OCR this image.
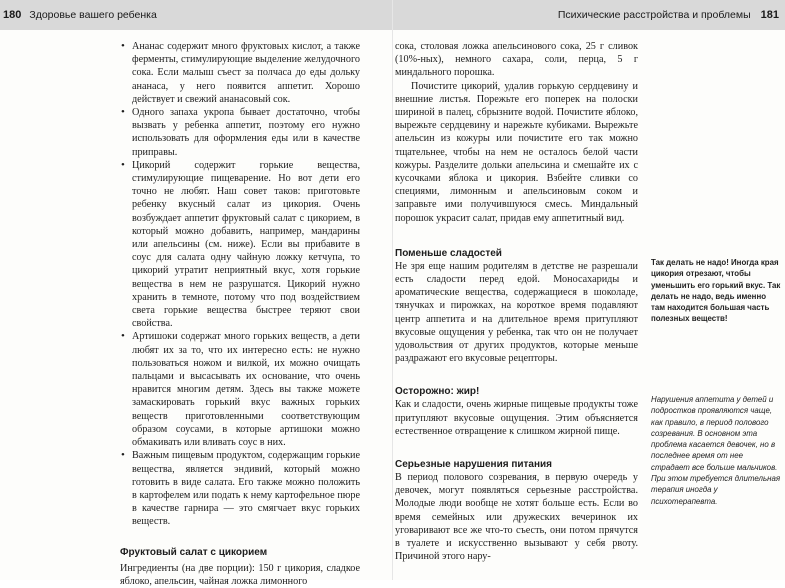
180 Здоровье вашего ребенка	Психические расстройства и проблемы 181
• Ананас содержит много фруктовых кислот, а также ферменты, стимулирующие выделение желудочного сока. Если малыш съест за полчаса до еды дольку ананаса, у него появится аппетит. Хорошо действует и свежий ананасовый сок.
• Одного запаха укропа бывает достаточно, чтобы вызвать у ребенка аппетит, поэтому его нужно использовать для оформления еды или в качестве приправы.
• Цикорий содержит горькие вещества, стимулирующие пищеварение. Но вот дети его точно не любят. Наш совет таков: приготовьте ребенку вкусный салат из цикория. Очень возбуждает аппетит фруктовый салат с цикорием, в который можно добавить, например, мандарины или апельсины (см. ниже). Если вы прибавите в соус для салата одну чайную ложку кетчупа, то цикорий утратит неприятный вкус, хотя горькие вещества в нем не разрушатся. Цикорий нужно хранить в темноте, потому что под воздействием света горькие вещества быстрее теряют свои свойства.
• Артишоки содержат много горьких веществ, а дети любят их за то, что их интересно есть: не нужно пользоваться ножом и вилкой, их можно очищать пальцами и высасывать их основание, что очень нравится многим детям. Здесь вы также можете замаскировать горький вкус важных горьких веществ приготовленными соответствующим образом соусами, в которые артишоки можно обмакивать или вливать соус в них.
• Важным пищевым продуктом, содержащим горькие вещества, является эндивий, который можно готовить в виде салата. Его также можно положить в картофелем или подать к нему картофельное пюре в качестве гарнира — это смягчает вкус горьких веществ.
Фруктовый салат с цикорием

Ингредиенты (на две порции): 150 г цикория, сладкое яблоко, апельсин, чайная ложка лимонного

сока, столовая ложка апельсинового сока, 25 г сливок (10%-ных), немного сахара, соли, перца, 5 г миндального порошка.

Почистите цикорий, удалив горькую сердцевину и внешние листья. Порежьте его поперек на полоски шириной в палец, сбрызните водой. Почистите яблоко, вырежьте сердцевину и нарежьте кубиками. Вырежьте апельсин из кожуры или почистите его так можно тщательнее, чтобы на нем не осталось белой части кожуры. Разделите дольки апельсина и смешайте их с кусочками яблока и цикория. Взбейте сливки со специями, лимонным и апельсиновым соком и заправьте ими получившуюся смесь. Миндальный порошок украсит салат, придав ему аппетитный вид.

Поменьше сладостей

Не зря еще нашим родителям в детстве не разрешали есть сладости перед едой. Моносахариды и ароматические вещества, содержащиеся в шоколаде, тянучках и пирожках, на короткое время подавляют центр аппетита и на длительное время притупляют вкусовые ощущения у ребенка, так что он не получает удовольствия от других продуктов, которые меньше раздражают его вкусовые рецепторы.

Осторожно: жир!

Как и сладости, очень жирные пищевые продукты тоже притупляют вкусовые ощущения. Этим объясняется естественное отвращение к слишком жирной пище.

Серьезные нарушения питания

В период полового созревания, в первую очередь у девочек, могут появляться серьезные расстройства. Молодые люди вообще не хотят больше есть. Если во время семейных или дружеских вечеринок их уговаривают все же что-то съесть, они потом прячутся в туалете и искусственно вызывают у себя рвоту. Причиной этого нару-

Так делать не надо! Иногда края цикория отрезают, чтобы уменьшить его горький вкус. Так делать не надо, ведь именно там находится большая часть полезных веществ!
Нарушения аппетита у детей и подростков проявляются чаще, как правило, в период полового созревания. В основном эта проблема касается девочек, но в последнее время от нее страдает все больше мальчиков. При этом требуется длительная терапия иногда у психотерапевта.
